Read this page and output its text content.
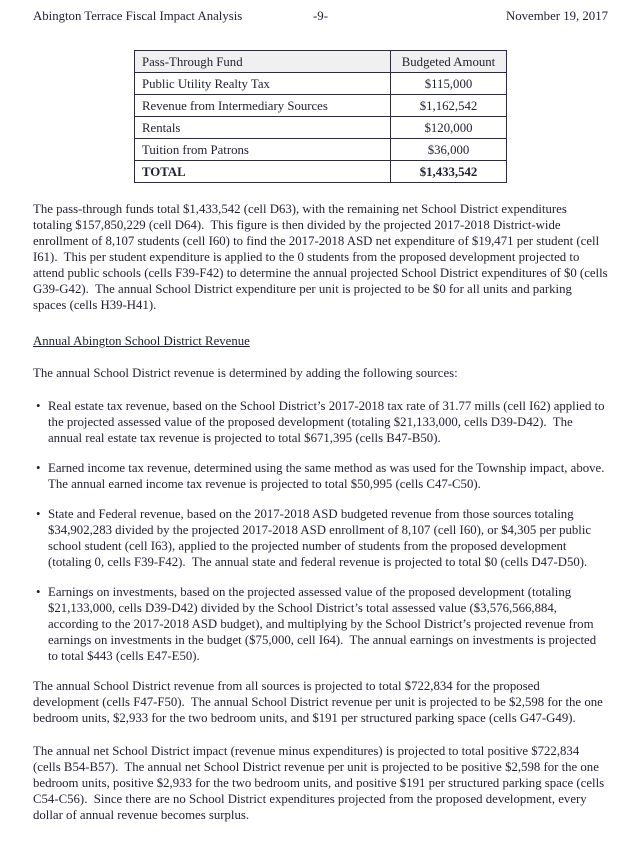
Abington Terrace Fiscal Impact Analysis	-9-	November 19, 2017
Pass-Through Fund	Budgeted Amount
Public Utility Realty Tax	$115,000
Revenue from Intermediary Sources	$1,162,542
Rentals	$120,000
Tuition from Patrons	$36,000
TOTAL	$1,433,542

The pass-through funds total $1,433,542 (cell D63), with the remaining net School District expenditures totaling $157,850,229 (cell D64).  This figure is then divided by the projected 2017-2018 District-wide enrollment of 8,107 students (cell I60) to find the 2017-2018 ASD net expenditure of $19,471 per student (cell I61).  This per student expenditure is applied to the 0 students from the proposed development projected to attend public schools (cells F39-F42) to determine the annual projected School District expenditures of $0 (cells G39-G42).  The annual School District expenditure per unit is projected to be $0 for all units and parking spaces (cells H39-H41).

Annual Abington School District Revenue

The annual School District revenue is determined by adding the following sources:

• Real estate tax revenue, based on the School District’s 2017-2018 tax rate of 31.77 mills (cell I62) applied to the projected assessed value of the proposed development (totaling $21,133,000, cells D39-D42).  The annual real estate tax revenue is projected to total $671,395 (cells B47-B50).
• Earned income tax revenue, determined using the same method as was used for the Township impact, above.  The annual earned income tax revenue is projected to total $50,995 (cells C47-C50).
• State and Federal revenue, based on the 2017-2018 ASD budgeted revenue from those sources totaling $34,902,283 divided by the projected 2017-2018 ASD enrollment of 8,107 (cell I60), or $4,305 per public school student (cell I63), applied to the projected number of students from the proposed development (totaling 0, cells F39-F42).  The annual state and federal revenue is projected to total $0 (cells D47-D50).
• Earnings on investments, based on the projected assessed value of the proposed development (totaling $21,133,000, cells D39-D42) divided by the School District’s total assessed value ($3,576,566,884, according to the 2017-2018 ASD budget), and multiplying by the School District’s projected revenue from earnings on investments in the budget ($75,000, cell I64).  The annual earnings on investments is projected to total $443 (cells E47-E50).

The annual School District revenue from all sources is projected to total $722,834 for the proposed development (cells F47-F50).  The annual School District revenue per unit is projected to be $2,598 for the one bedroom units, $2,933 for the two bedroom units, and $191 per structured parking space (cells G47-G49).

The annual net School District impact (revenue minus expenditures) is projected to total positive $722,834 (cells B54-B57).  The annual net School District revenue per unit is projected to be positive $2,598 for the one bedroom units, positive $2,933 for the two bedroom units, and positive $191 per structured parking space (cells C54-C56).  Since there are no School District expenditures projected from the proposed development, every dollar of annual revenue becomes surplus.
